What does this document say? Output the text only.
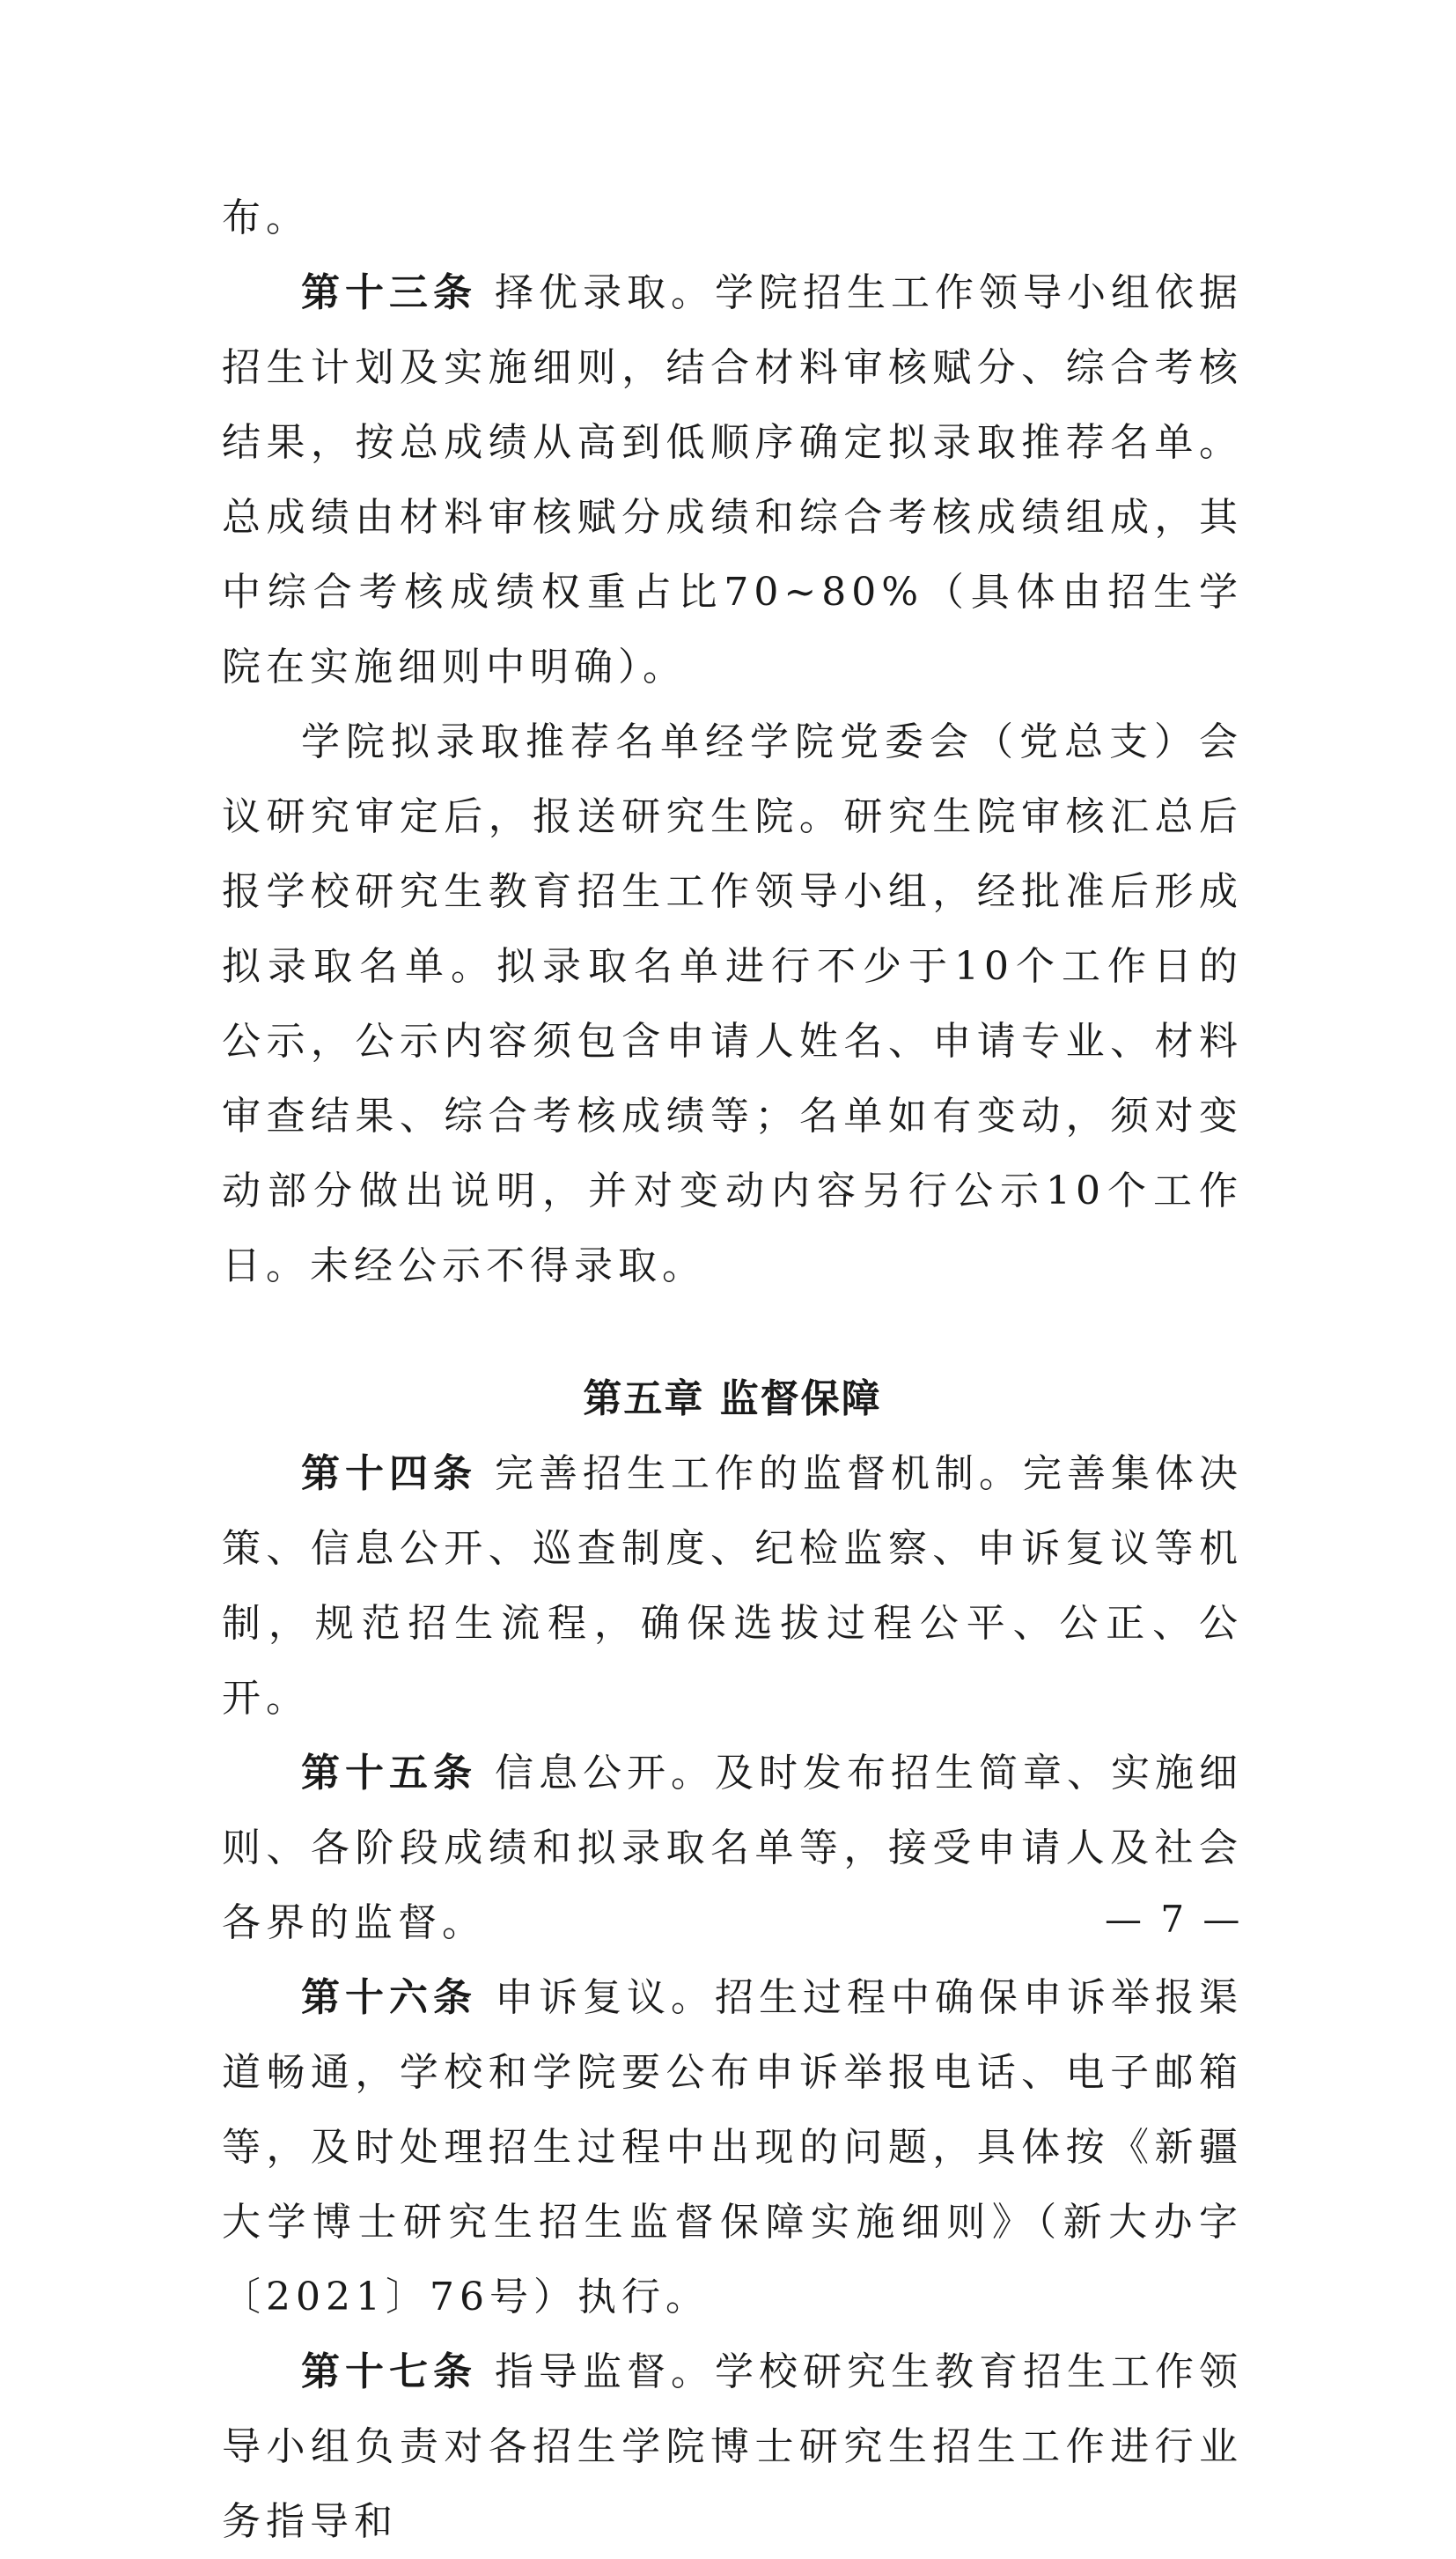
布。

第十三条 择优录取。学院招生工作领导小组依据招生计划及实施细则，结合材料审核赋分、综合考核结果，按总成绩从高到低顺序确定拟录取推荐名单。总成绩由材料审核赋分成绩和综合考核成绩组成，其中综合考核成绩权重占比70~80%（具体由招生学院在实施细则中明确）。

学院拟录取推荐名单经学院党委会（党总支）会议研究审定后，报送研究生院。研究生院审核汇总后报学校研究生教育招生工作领导小组，经批准后形成拟录取名单。拟录取名单进行不少于10个工作日的公示，公示内容须包含申请人姓名、申请专业、材料审查结果、综合考核成绩等；名单如有变动，须对变动部分做出说明，并对变动内容另行公示10个工作日。未经公示不得录取。

第五章 监督保障

第十四条 完善招生工作的监督机制。完善集体决策、信息公开、巡查制度、纪检监察、申诉复议等机制，规范招生流程，确保选拔过程公平、公正、公开。

第十五条 信息公开。及时发布招生简章、实施细则、各阶段成绩和拟录取名单等，接受申请人及社会各界的监督。

第十六条 申诉复议。招生过程中确保申诉举报渠道畅通，学校和学院要公布申诉举报电话、电子邮箱等，及时处理招生过程中出现的问题，具体按《新疆大学博士研究生招生监督保障实施细则》（新大办字〔2021〕76号）执行。

第十七条 指导监督。学校研究生教育招生工作领导小组负责对各招生学院博士研究生招生工作进行业务指导和

— 7 —
